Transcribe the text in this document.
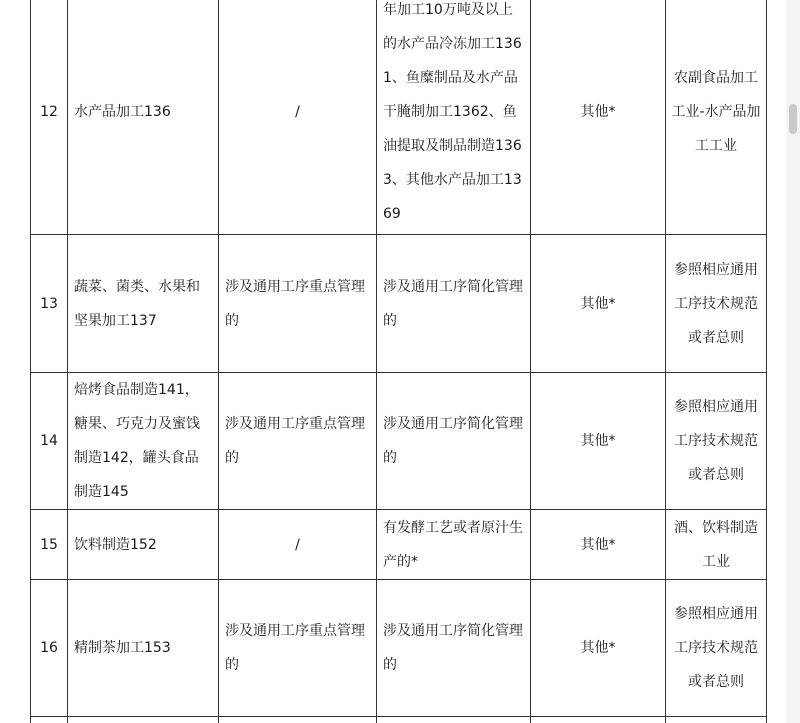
12	水产品加工136	/	年加工10万吨及以上的水产品冷冻加工1361、鱼糜制品及水产品干腌制加工1362、鱼油提取及制品制造1363、其他水产品加工1369	其他*	农副食品加工工业-水产品加工工业
13	蔬菜、菌类、水果和坚果加工137	涉及通用工序重点管理的	涉及通用工序简化管理的	其他*	参照相应通用工序技术规范或者总则
14	焙烤食品制造141，糖果、巧克力及蜜饯制造142，罐头食品制造145	涉及通用工序重点管理的	涉及通用工序简化管理的	其他*	参照相应通用工序技术规范或者总则
15	饮料制造152	/	有发酵工艺或者原汁生产的*	其他*	酒、饮料制造工业
16	精制茶加工153	涉及通用工序重点管理的	涉及通用工序简化管理的	其他*	参照相应通用工序技术规范或者总则
